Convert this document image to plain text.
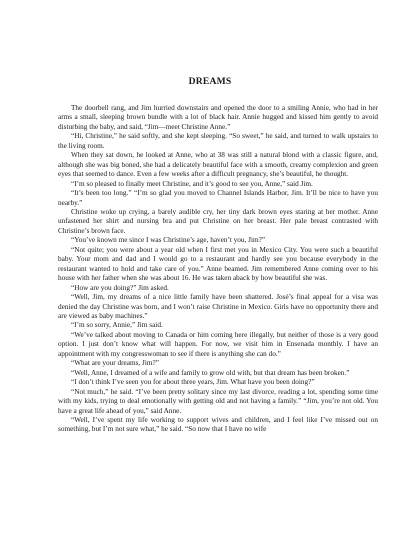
DREAMS

The doorbell rang, and Jim hurried downstairs and opened the door to a smiling Annie, who had in her arms a small, sleeping brown bundle with a lot of black hair. Annie hugged and kissed him gently to avoid disturbing the baby, and said, “Jim—meet Christine Anne.”

“Hi, Christine,” he said softly, and she kept sleeping. “So sweet,” he said, and turned to walk upstairs to the living room.

When they sat down, he looked at Anne, who at 38 was still a natural blond with a classic figure, and, although she was big boned, she had a delicately beautiful face with a smooth, creamy complexion and green eyes that seemed to dance. Even a few weeks after a difficult pregnancy, she’s beautiful, he thought.

“I’m so pleased to finally meet Christine, and it’s good to see you, Anne,” said Jim.

“It’s been too long.” “I’m so glad you moved to Channel Islands Harbor, Jim. It’ll be nice to have you nearby.”

Christine woke up crying, a barely audible cry, her tiny dark brown eyes staring at her mother. Anne unfastened her shirt and nursing bra and put Christine on her breast. Her pale breast contrasted with Christine’s brown face.

“You’ve known me since I was Christine’s age, haven’t you, Jim?”

“Not quite; you were about a year old when I first met you in Mexico City. You were such a beautiful baby. Your mom and dad and I would go to a restaurant and hardly see you because everybody in the restaurant wanted to hold and take care of you.” Anne beamed. Jim remembered Anne coming over to his house with her father when she was about 16. He was taken aback by how beautiful she was.

“How are you doing?” Jim asked.

“Well, Jim, my dreams of a nice little family have been shattered. José’s final appeal for a visa was denied the day Christine was born, and I won’t raise Christine in Mexico. Girls have no opportunity there and are viewed as baby machines.”

“I’m so sorry, Annie,” Jim said.

“We’ve talked about moving to Canada or him coming here illegally, but neither of those is a very good option. I just don’t know what will happen. For now, we visit him in Ensenada monthly. I have an appointment with my congresswoman to see if there is anything she can do.”

“What are your dreams, Jim?”

“Well, Anne, I dreamed of a wife and family to grow old with, but that dream has been broken.”

“I don’t think I’ve seen you for about three years, Jim. What have you been doing?”

“Not much,” he said. “I’ve been pretty solitary since my last divorce, reading a lot, spending some time with my kids, trying to deal emotionally with getting old and not having a family.” “Jim, you’re not old. You have a great life ahead of you,” said Anne.

“Well, I’ve spent my life working to support wives and children, and I feel like I’ve missed out on something, but I’m not sure what,” he said. “So now that I have no wife
